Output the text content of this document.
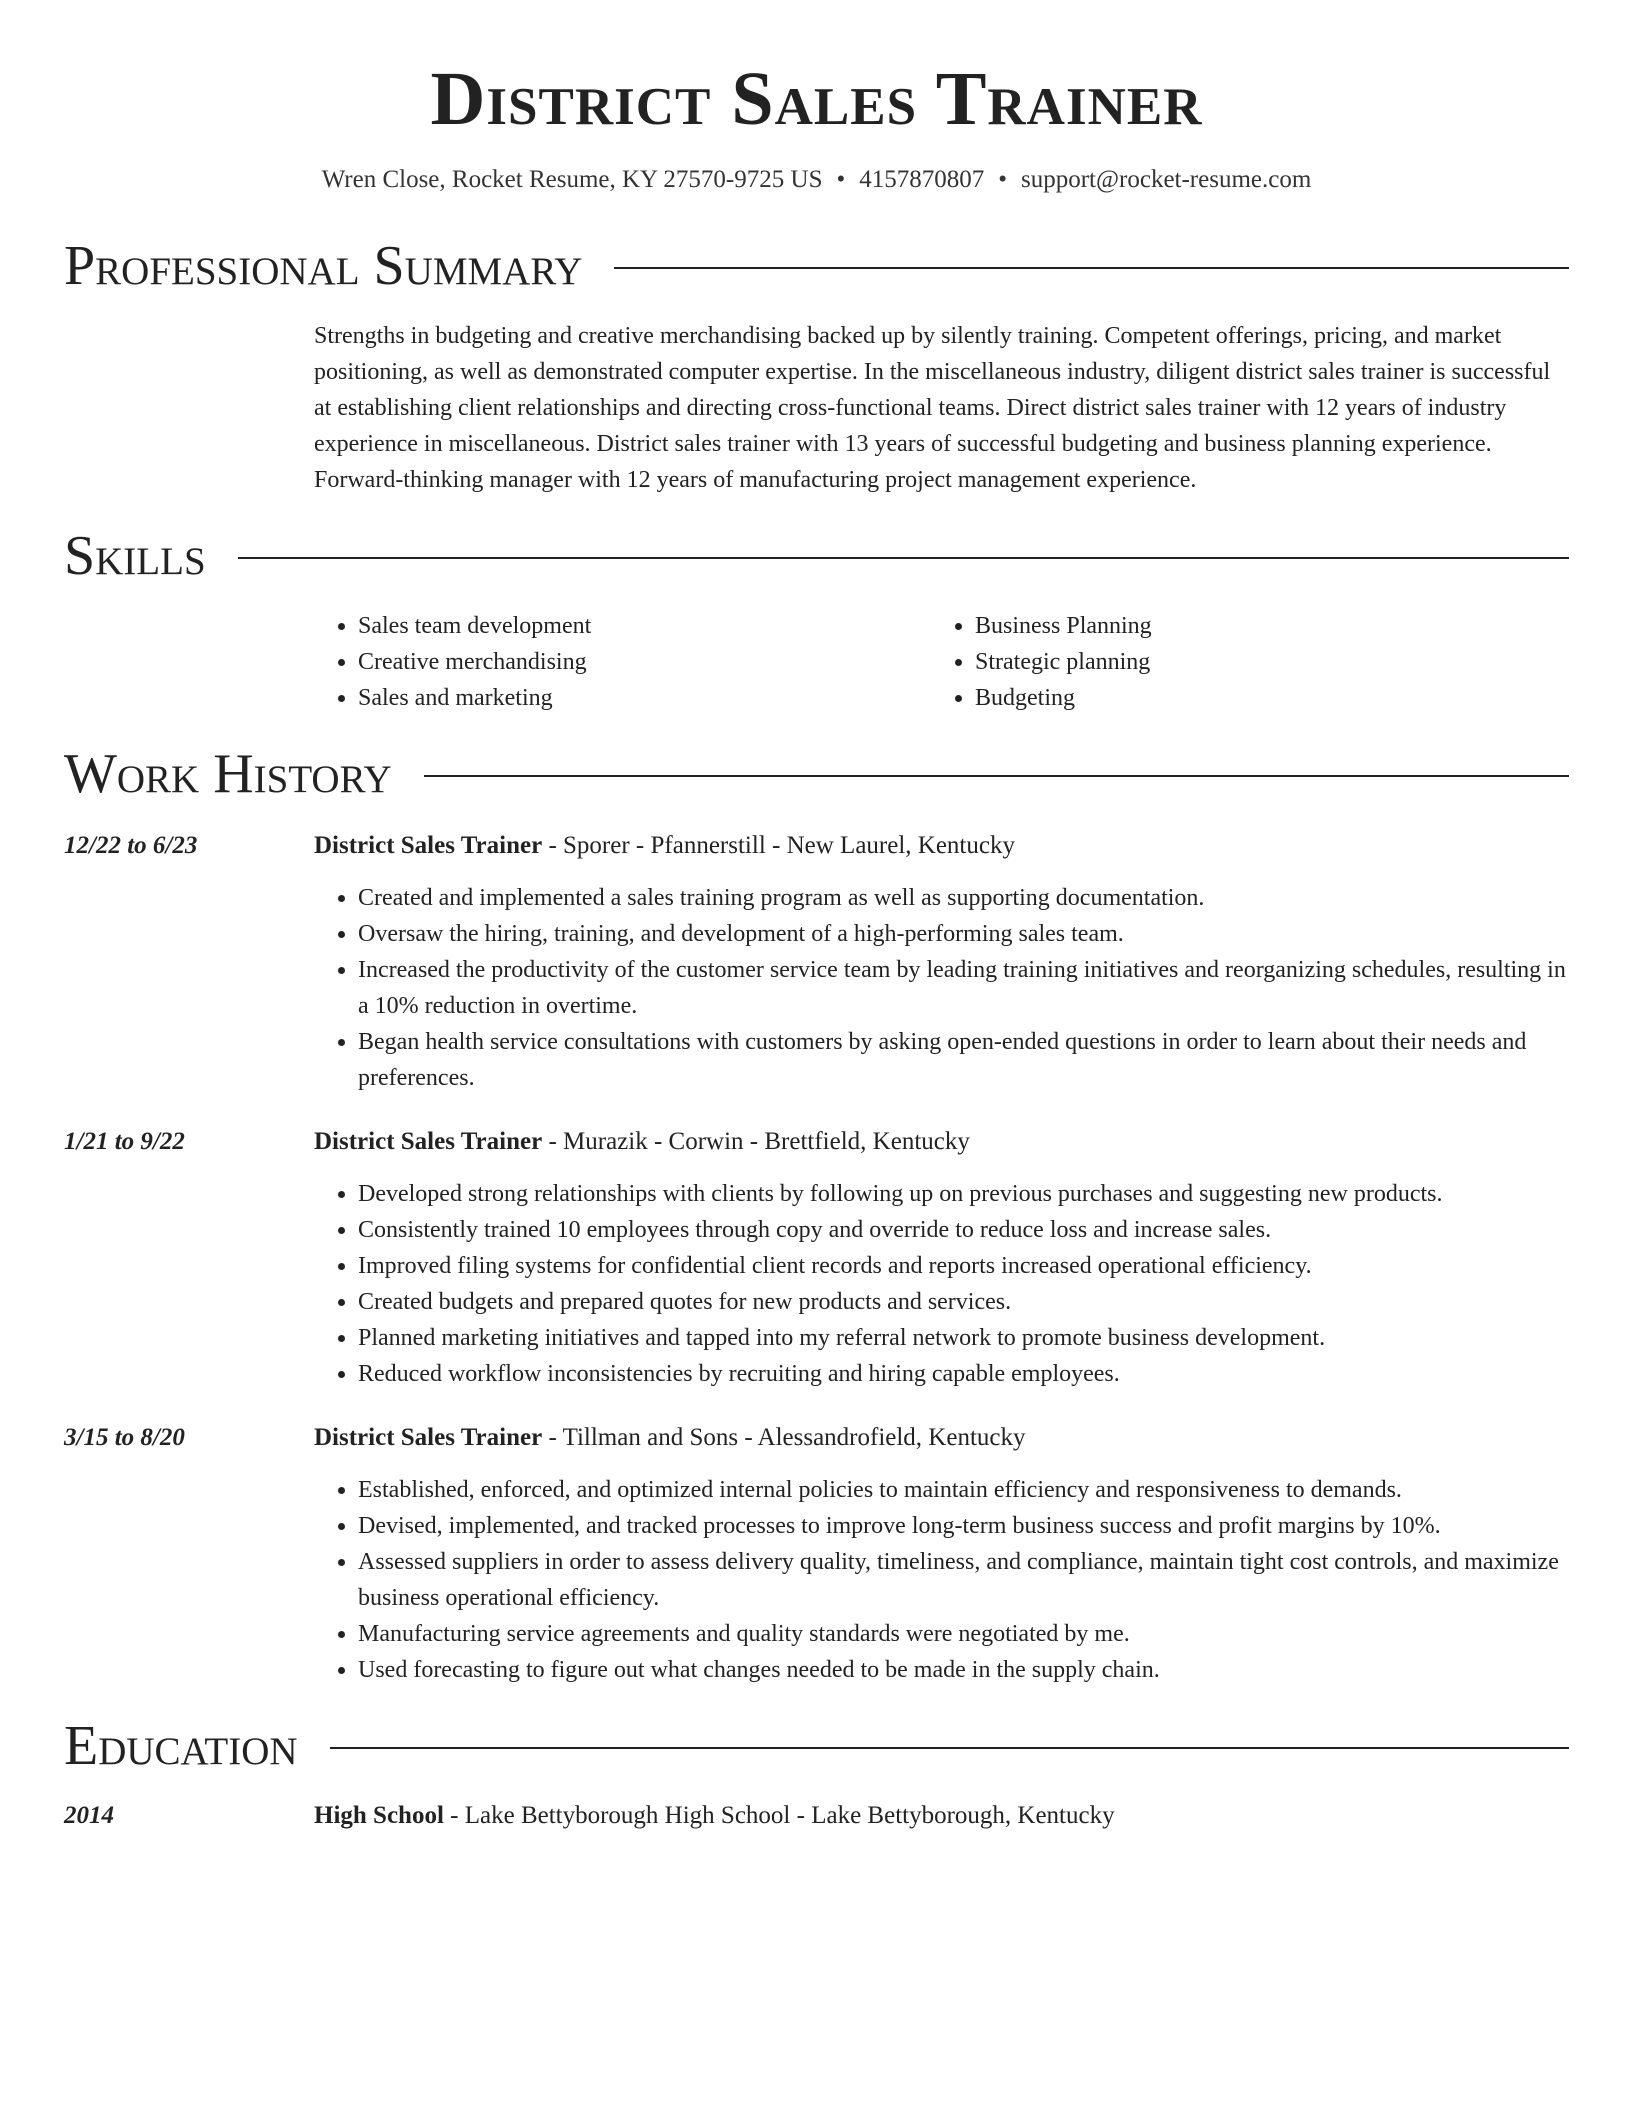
District Sales Trainer
Wren Close, Rocket Resume, KY 27570-9725 US • 4157870807 • support@rocket-resume.com
Professional Summary
Strengths in budgeting and creative merchandising backed up by silently training. Competent offerings, pricing, and market positioning, as well as demonstrated computer expertise. In the miscellaneous industry, diligent district sales trainer is successful at establishing client relationships and directing cross-functional teams. Direct district sales trainer with 12 years of industry experience in miscellaneous. District sales trainer with 13 years of successful budgeting and business planning experience. Forward-thinking manager with 12 years of manufacturing project management experience.
Skills
• Sales team development
• Creative merchandising
• Sales and marketing
• Business Planning
• Strategic planning
• Budgeting
Work History
12/22 to 6/23	District Sales Trainer - Sporer - Pfannerstill - New Laurel, Kentucky
• Created and implemented a sales training program as well as supporting documentation.
• Oversaw the hiring, training, and development of a high-performing sales team.
• Increased the productivity of the customer service team by leading training initiatives and reorganizing schedules, resulting in a 10% reduction in overtime.
• Began health service consultations with customers by asking open-ended questions in order to learn about their needs and preferences.
1/21 to 9/22	District Sales Trainer - Murazik - Corwin - Brettfield, Kentucky
• Developed strong relationships with clients by following up on previous purchases and suggesting new products.
• Consistently trained 10 employees through copy and override to reduce loss and increase sales.
• Improved filing systems for confidential client records and reports increased operational efficiency.
• Created budgets and prepared quotes for new products and services.
• Planned marketing initiatives and tapped into my referral network to promote business development.
• Reduced workflow inconsistencies by recruiting and hiring capable employees.
3/15 to 8/20	District Sales Trainer - Tillman and Sons - Alessandrofield, Kentucky
• Established, enforced, and optimized internal policies to maintain efficiency and responsiveness to demands.
• Devised, implemented, and tracked processes to improve long-term business success and profit margins by 10%.
• Assessed suppliers in order to assess delivery quality, timeliness, and compliance, maintain tight cost controls, and maximize business operational efficiency.
• Manufacturing service agreements and quality standards were negotiated by me.
• Used forecasting to figure out what changes needed to be made in the supply chain.
Education
2014	High School - Lake Bettyborough High School - Lake Bettyborough, Kentucky
